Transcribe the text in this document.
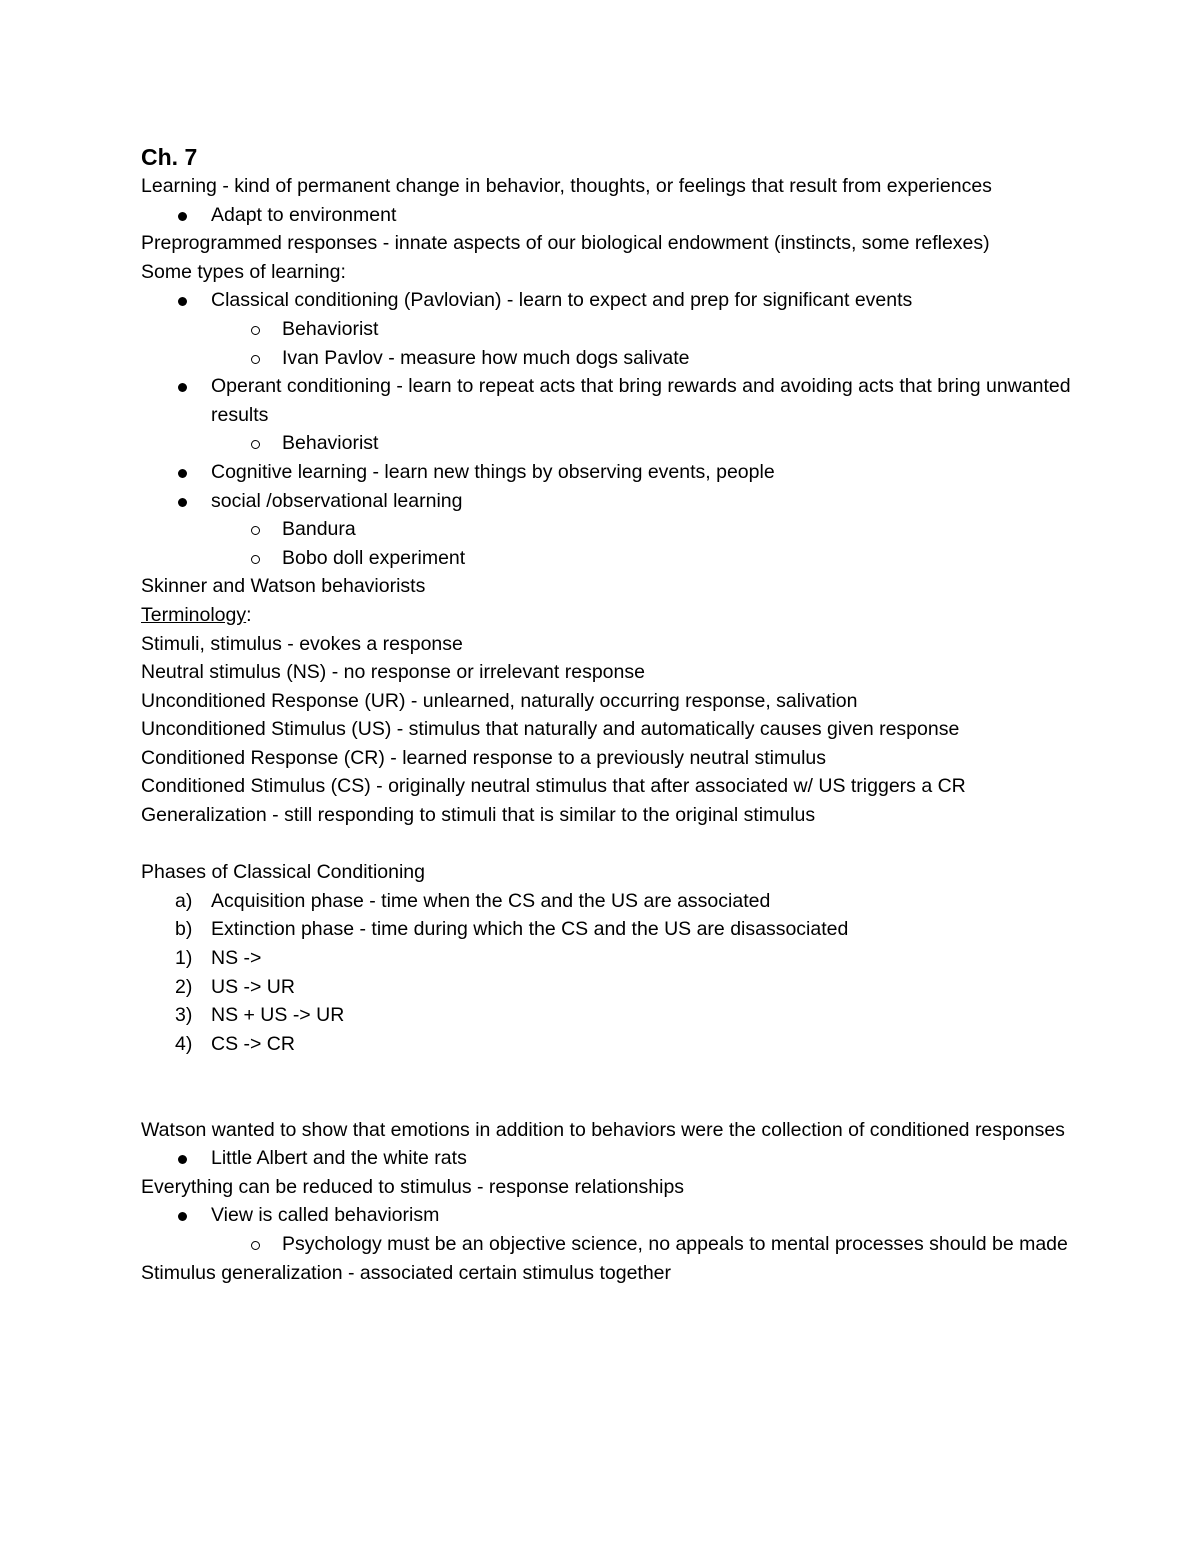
Ch. 7

Learning - kind of permanent change in behavior, thoughts, or feelings that result from experiences

Adapt to environment

Preprogrammed responses - innate aspects of our biological endowment (instincts, some reflexes)

Some types of learning:

Classical conditioning (Pavlovian) - learn to expect and prep for significant events
Behaviorist
Ivan Pavlov - measure how much dogs salivate
Operant conditioning - learn to repeat acts that bring rewards and avoiding acts that bring unwanted results
Behaviorist
Cognitive learning - learn new things by observing events, people
social /observational learning
Bandura
Bobo doll experiment

Skinner and Watson behaviorists

Terminology:

Stimuli, stimulus - evokes a response

Neutral stimulus (NS) - no response or irrelevant response

Unconditioned Response (UR) - unlearned, naturally occurring response, salivation

Unconditioned Stimulus (US) - stimulus that naturally and automatically causes given response

Conditioned Response (CR) - learned response to a previously neutral stimulus

Conditioned Stimulus (CS) - originally neutral stimulus that after associated w/ US triggers a CR

Generalization - still responding to stimuli that is similar to the original stimulus

Phases of Classical Conditioning

a) Acquisition phase - time when the CS and the US are associated
b) Extinction phase - time during which the CS and the US are disassociated
1) NS ->
2) US -> UR
3) NS + US -> UR
4) CS -> CR

Watson wanted to show that emotions in addition to behaviors were the collection of conditioned responses

Little Albert and the white rats

Everything can be reduced to stimulus - response relationships

View is called behaviorism
Psychology must be an objective science, no appeals to mental processes should be made

Stimulus generalization - associated certain stimulus together
